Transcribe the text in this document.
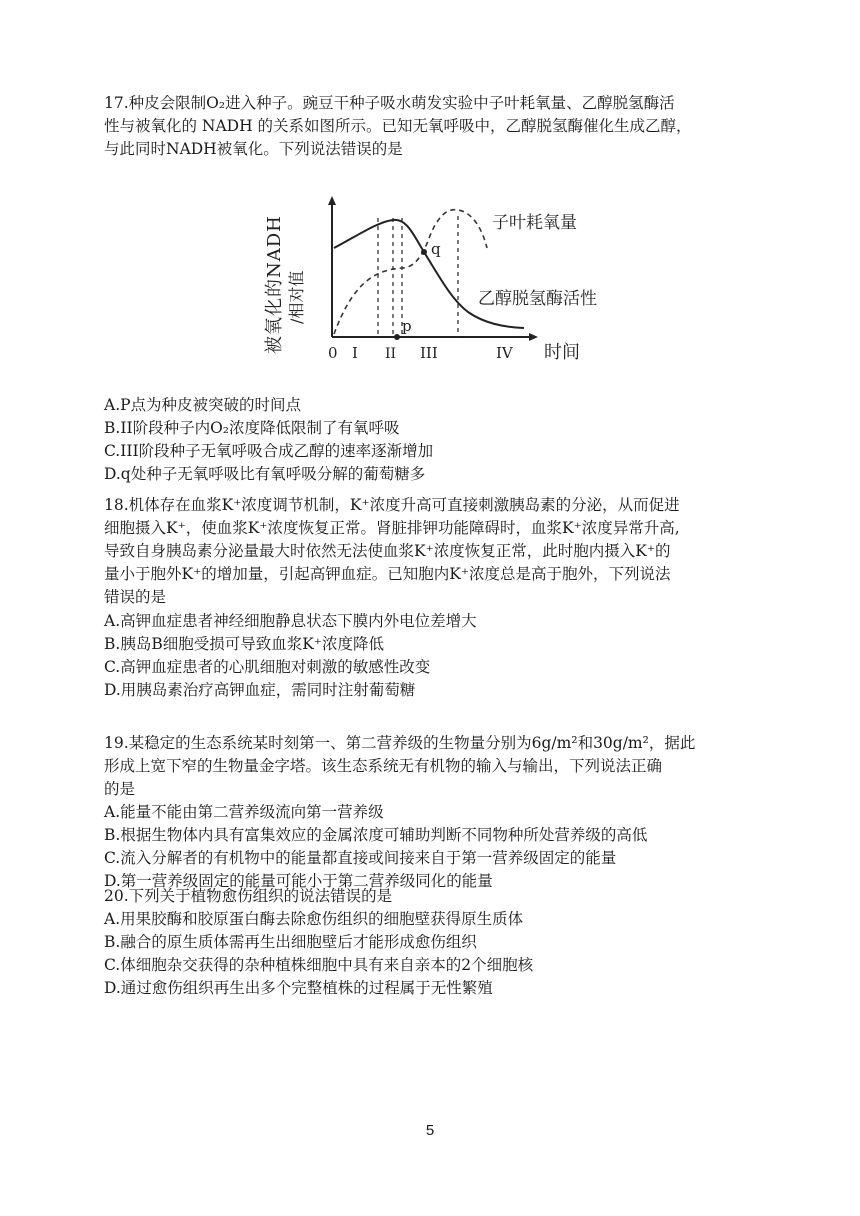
17.种皮会限制O₂进入种子。豌豆干种子吸水萌发实验中子叶耗氧量、乙醇脱氢酶活
性与被氧化的 NADH 的关系如图所示。已知无氧呼吸中，乙醇脱氢酶催化生成乙醇，
与此同时NADH被氧化。下列说法错误的是
被氧化的NADH /相对值
q
p
子叶耗氧量
乙醇脱氢酶活性
0 I II III	IV 时间
A.P点为种皮被突破的时间点
B.II阶段种子内O₂浓度降低限制了有氧呼吸
C.III阶段种子无氧呼吸合成乙醇的速率逐渐增加
D.q处种子无氧呼吸比有氧呼吸分解的葡萄糖多
18.机体存在血浆K⁺浓度调节机制，K⁺浓度升高可直接刺激胰岛素的分泌，从而促进
细胞摄入K⁺，使血浆K⁺浓度恢复正常。肾脏排钾功能障碍时，血浆K⁺浓度异常升高,
导致自身胰岛素分泌量最大时依然无法使血浆K⁺浓度恢复正常，此时胞内摄入K⁺的
量小于胞外K⁺的增加量，引起高钾血症。已知胞内K⁺浓度总是高于胞外，下列说法
错误的是
A.高钾血症患者神经细胞静息状态下膜内外电位差增大
B.胰岛B细胞受损可导致血浆K⁺浓度降低
C.高钾血症患者的心肌细胞对刺激的敏感性改变
D.用胰岛素治疗高钾血症，需同时注射葡萄糖
19.某稳定的生态系统某时刻第一、第二营养级的生物量分别为6g/m²和30g/m²，据此
形成上宽下窄的生物量金字塔。该生态系统无有机物的输入与输出，下列说法正确
的是
A.能量不能由第二营养级流向第一营养级
B.根据生物体内具有富集效应的金属浓度可辅助判断不同物种所处营养级的高低
C.流入分解者的有机物中的能量都直接或间接来自于第一营养级固定的能量
D.第一营养级固定的能量可能小于第二营养级同化的能量
20.下列关于植物愈伤组织的说法错误的是
A.用果胶酶和胶原蛋白酶去除愈伤组织的细胞壁获得原生质体
B.融合的原生质体需再生出细胞壁后才能形成愈伤组织
C.体细胞杂交获得的杂种植株细胞中具有来自亲本的2个细胞核
D.通过愈伤组织再生出多个完整植株的过程属于无性繁殖
5
